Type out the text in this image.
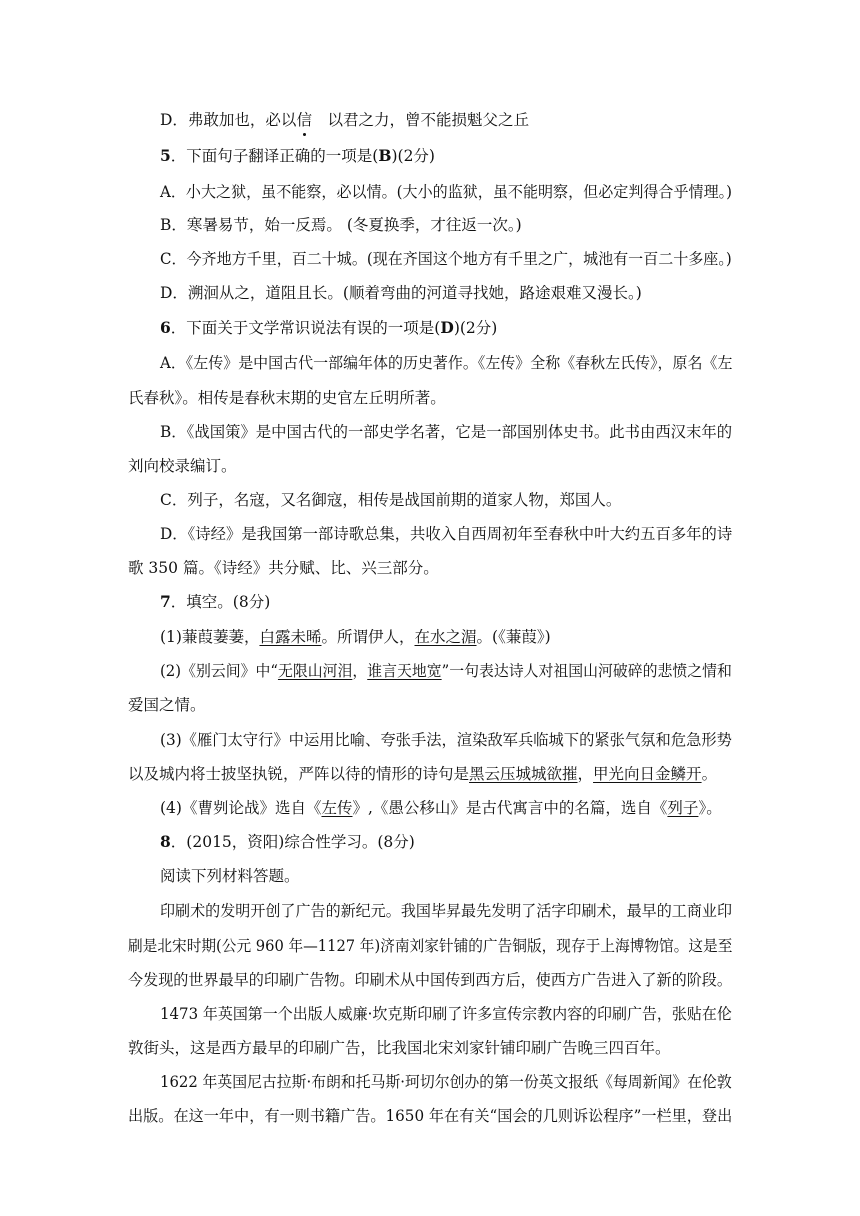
D．弗敢加也，必以信　以君之力，曾不能损魁父之丘
5．下面句子翻译正确的一项是(B)(2分)
A．小大之狱，虽不能察，必以情。(大小的监狱，虽不能明察，但必定判得合乎情理。)
B．寒暑易节，始一反焉。 (冬夏换季，才往返一次。)
C．今齐地方千里，百二十城。(现在齐国这个地方有千里之广，城池有一百二十多座。)
D．溯洄从之，道阻且长。(顺着弯曲的河道寻找她，路途艰难又漫长。)
6．下面关于文学常识说法有误的一项是(D)(2分)
A．《左传》是中国古代一部编年体的历史著作。《左传》全称《春秋左氏传》，原名《左
氏春秋》。相传是春秋末期的史官左丘明所著。
B．《战国策》是中国古代的一部史学名著，它是一部国别体史书。此书由西汉末年的
刘向校录编订。
C．列子，名寇，又名御寇，相传是战国前期的道家人物，郑国人。
D．《诗经》是我国第一部诗歌总集，共收入自西周初年至春秋中叶大约五百多年的诗
歌 350 篇。《诗经》共分赋、比、兴三部分。
7．填空。(8分)
(1)蒹葭萋萋，白露未晞。所谓伊人，在水之湄。(《蒹葭》)
(2)《别云间》中“无限山河泪，谁言天地宽”一句表达诗人对祖国山河破碎的悲愤之情和
爱国之情。
(3)《雁门太守行》中运用比喻、夸张手法，渲染敌军兵临城下的紧张气氛和危急形势
以及城内将士披坚执锐，严阵以待的情形的诗句是黑云压城城欲摧，甲光向日金鳞开。
(4)《曹刿论战》选自《左传》,《愚公移山》是古代寓言中的名篇，选自《列子》。
8．(2015，资阳)综合性学习。(8分)
阅读下列材料答题。
印刷术的发明开创了广告的新纪元。我国毕昇最先发明了活字印刷术，最早的工商业印
刷是北宋时期(公元 960 年—1127 年)济南刘家针铺的广告铜版，现存于上海博物馆。这是至
今发现的世界最早的印刷广告物。印刷术从中国传到西方后，使西方广告进入了新的阶段。
1473 年英国第一个出版人威廉·坎克斯印刷了许多宣传宗教内容的印刷广告，张贴在伦
敦街头，这是西方最早的印刷广告，比我国北宋刘家针铺印刷广告晚三四百年。
1622 年英国尼古拉斯·布朗和托马斯·珂切尔创办的第一份英文报纸《每周新闻》在伦敦
出版。在这一年中，有一则书籍广告。1650 年在有关“国会的几则诉讼程序”一栏里，登出
